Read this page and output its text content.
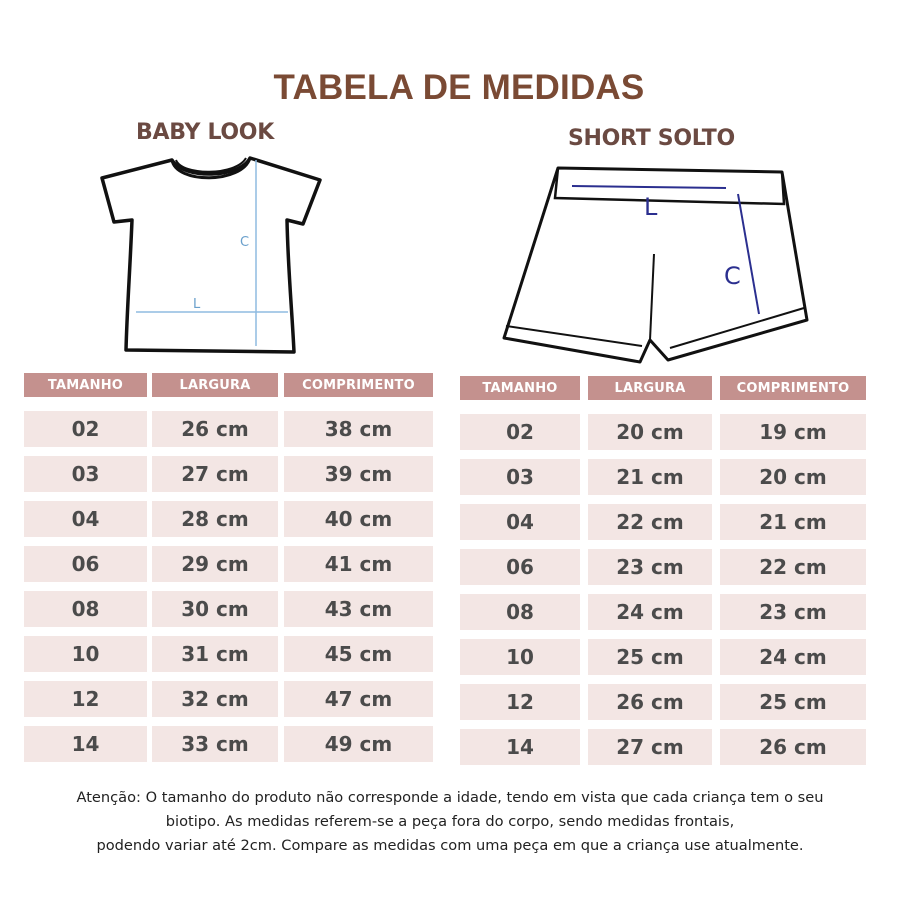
TABELA DE MEDIDAS
BABY LOOK	SHORT SOLTO
C
L
L
C
TAMANHO	LARGURA	COMPRIMENTO
02	26 cm	38 cm
03	27 cm	39 cm
04	28 cm	40 cm
06	29 cm	41 cm
08	30 cm	43 cm
10	31 cm	45 cm
12	32 cm	47 cm
14	33 cm	49 cm
TAMANHO	LARGURA	COMPRIMENTO
02	20 cm	19 cm
03	21 cm	20 cm
04	22 cm	21 cm
06	23 cm	22 cm
08	24 cm	23 cm
10	25 cm	24 cm
12	26 cm	25 cm
14	27 cm	26 cm
Atenção: O tamanho do produto não corresponde a idade, tendo em vista que cada criança tem o seu
biotipo. As medidas referem-se a peça fora do corpo, sendo medidas frontais,
podendo variar até 2cm. Compare as medidas com uma peça em que a criança use atualmente.
